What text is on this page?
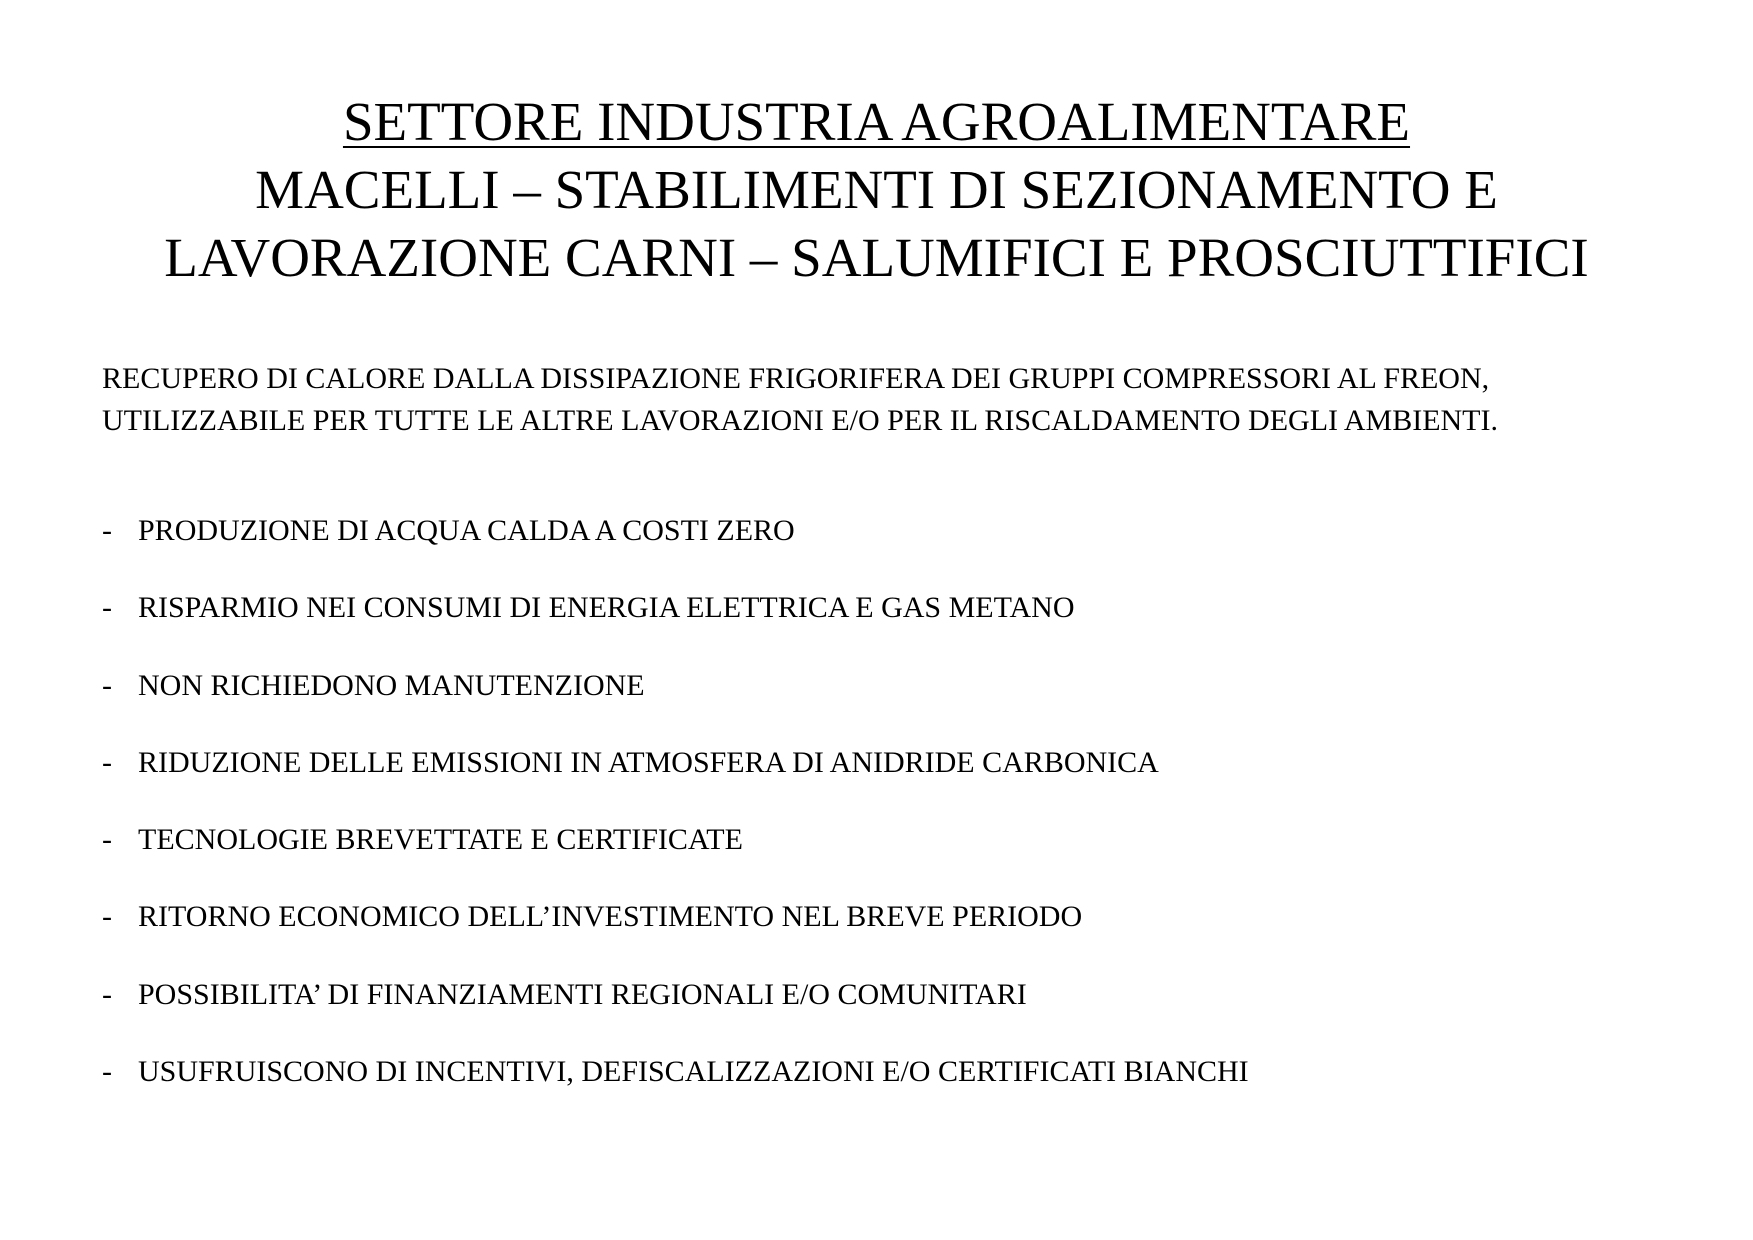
SETTORE INDUSTRIA AGROALIMENTARE
MACELLI – STABILIMENTI DI SEZIONAMENTO E
LAVORAZIONE CARNI – SALUMIFICI E PROSCIUTTIFICI
RECUPERO DI CALORE DALLA DISSIPAZIONE FRIGORIFERA DEI GRUPPI COMPRESSORI AL FREON,
UTILIZZABILE PER TUTTE LE ALTRE LAVORAZIONI E/O PER IL RISCALDAMENTO DEGLI AMBIENTI.
- PRODUZIONE DI ACQUA CALDA A COSTI ZERO
- RISPARMIO NEI CONSUMI DI ENERGIA ELETTRICA E GAS METANO
- NON RICHIEDONO MANUTENZIONE
- RIDUZIONE DELLE EMISSIONI IN ATMOSFERA DI ANIDRIDE CARBONICA
- TECNOLOGIE BREVETTATE E CERTIFICATE
- RITORNO ECONOMICO DELL’INVESTIMENTO NEL BREVE PERIODO
- POSSIBILITA’ DI FINANZIAMENTI REGIONALI E/O COMUNITARI
- USUFRUISCONO DI INCENTIVI, DEFISCALIZZAZIONI E/O CERTIFICATI BIANCHI
